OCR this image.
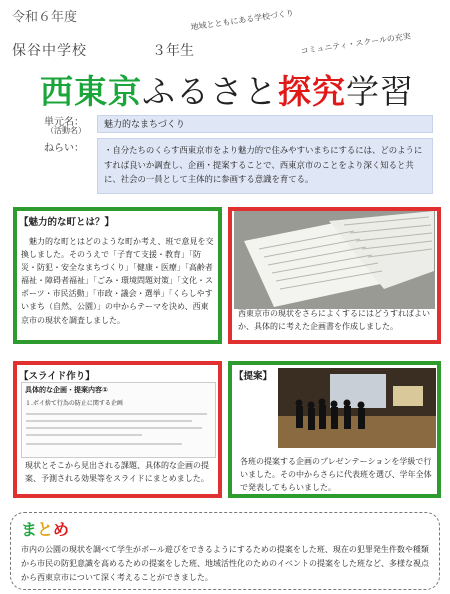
令和６年度	地域とともにある学校づくり
保谷中学校	３年生	コミュニティ・スクールの充実
西東京ふるさと探究学習
単元名：
（活動名）
魅力的なまちづくり
ねらい：	・自分たちのくらす西東京市をより魅力的で住みやすいまちにするには、どのようにすれば良いか調査し、企画・提案することで、西東京市のことをより深く知ると共に、社会の一員として主体的に参画する意識を育てる。
【魅力的な町とは？】
魅力的な町とはどのような町か考え、班で意見を交換しました。そのうえで「子育て支援・教育」「防災・防犯・安全なまちづくり」「健康・医療」「高齢者福祉・障碍者福祉」「ごみ・環境問題対策」「文化・スポーツ・市民活動」「市政・議会・選挙」「くらしやすいまち（自然、公園）」の中からテーマを決め、西東京市の現状を調査しました。
西東京市の現状をさらによくするにはどうすればよいか、具体的に考えた企画書を作成しました。
【スライド作り】
具体的な企画・提案内容①
１.ボイ捨て行為の防止に関する企画
現状とそこから見出される課題、具体的な企画の提案、予測される効果等をスライドにまとめました。
【提案】
各班の提案する企画のプレゼンテーションを学級で行いました。その中からさらに代表班を選び、学年全体で発表してもらいました。
まとめ
市内の公園の現状を調べて学生がボール遊びをできるようにするための提案をした班、現在の犯罪発生件数や種類から市民の防犯意識を高めるための提案をした班、地域活性化のためのイベントの提案をした班など、多様な視点から西東京市について深く考えることができました。
